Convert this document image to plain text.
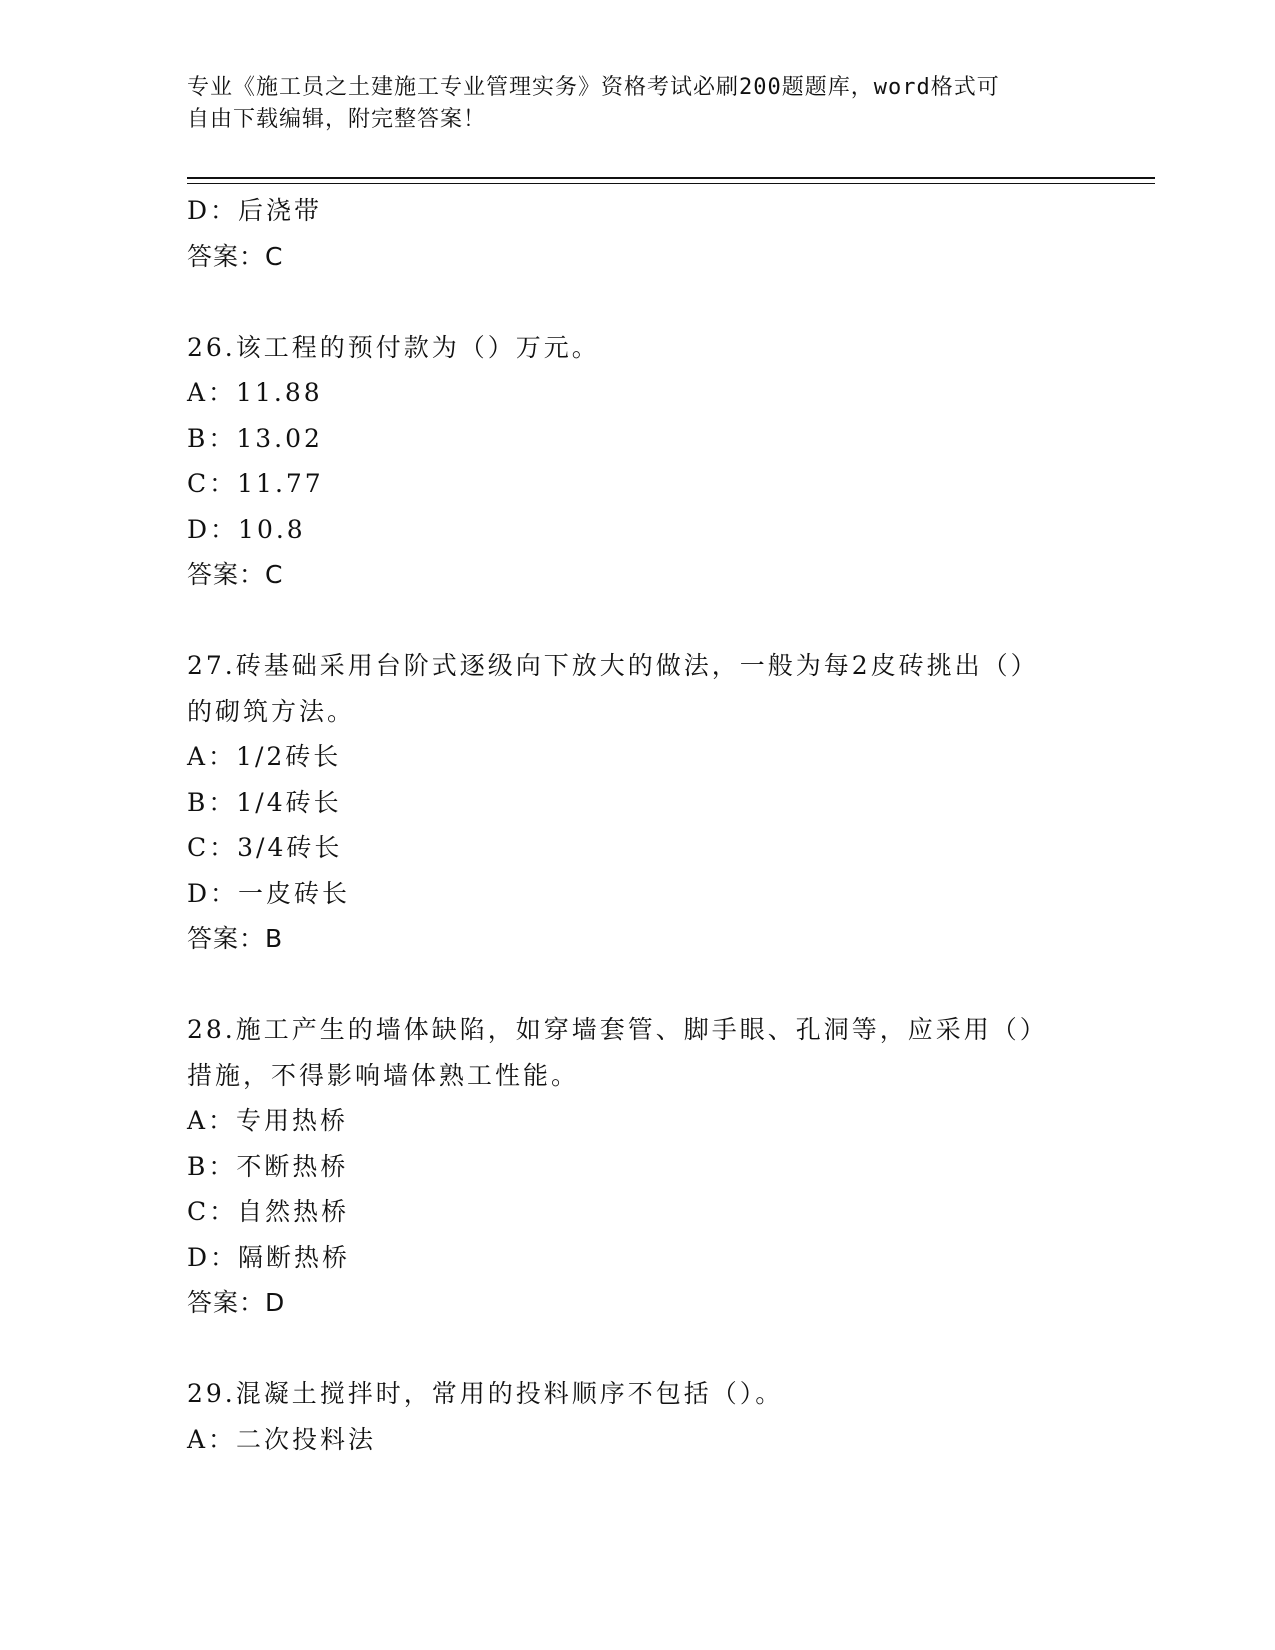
专业《施工员之土建施工专业管理实务》资格考试必刷200题题库，word格式可
自由下载编辑，附完整答案！
D：后浇带
答案：C
26.该工程的预付款为（）万元。
A：11.88
B：13.02
C：11.77
D：10.8
答案：C
27.砖基础采用台阶式逐级向下放大的做法，一般为每2皮砖挑出（）
的砌筑方法。
A：1/2砖长
B：1/4砖长
C：3/4砖长
D：一皮砖长
答案：B
28.施工产生的墙体缺陷，如穿墙套管、脚手眼、孔洞等，应采用（）
措施，不得影响墙体熟工性能。
A：专用热桥
B：不断热桥
C：自然热桥
D：隔断热桥
答案：D
29.混凝土搅拌时，常用的投料顺序不包括（）。
A：二次投料法
